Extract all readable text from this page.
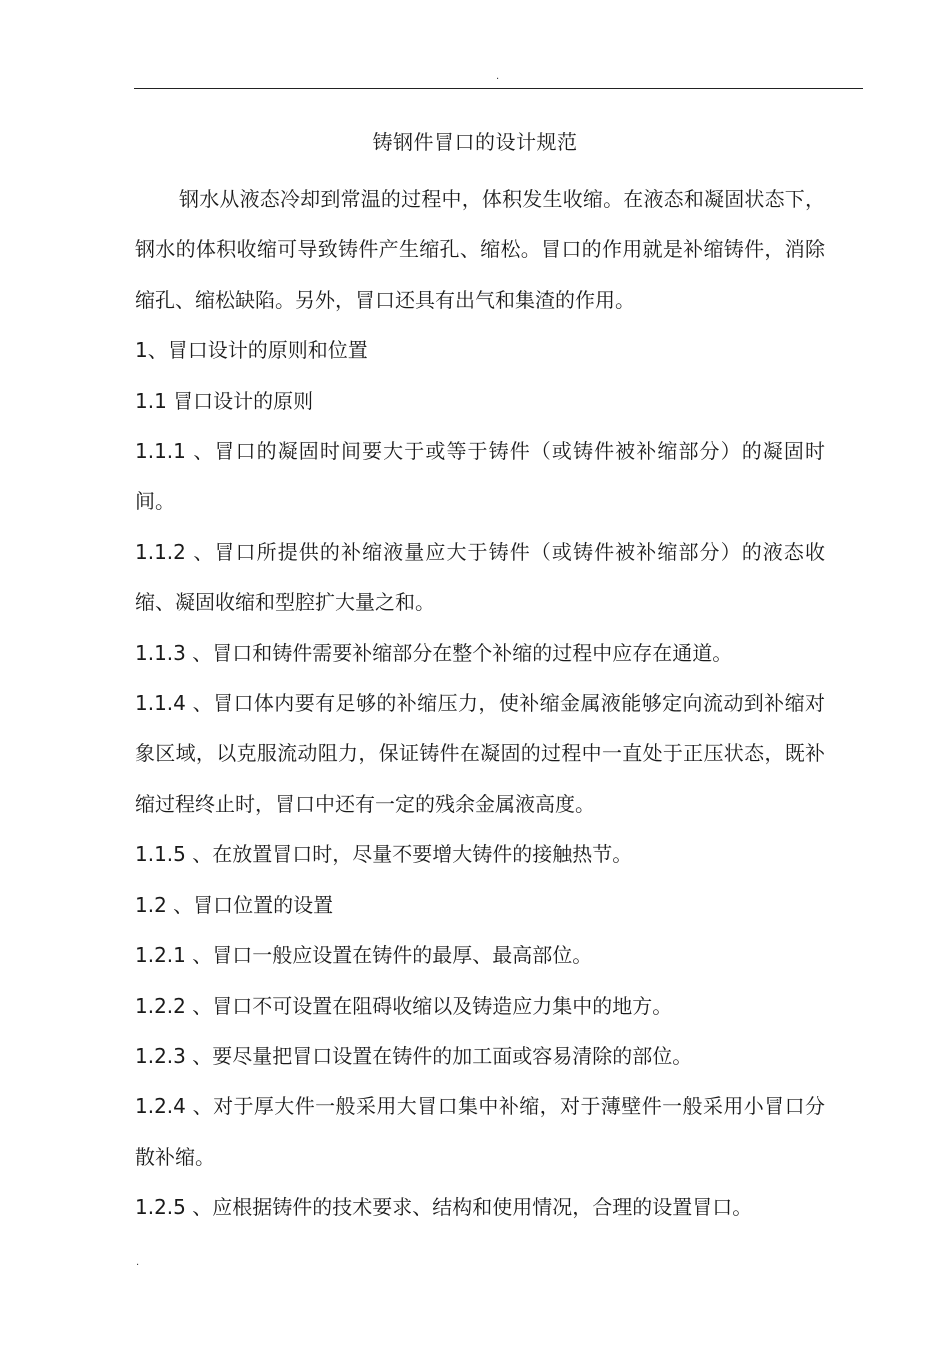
.
铸钢件冒口的设计规范

钢水从液态冷却到常温的过程中，体积发生收缩。在液态和凝固状态下，钢水的体积收缩可导致铸件产生缩孔、缩松。冒口的作用就是补缩铸件，消除缩孔、缩松缺陷。另外，冒口还具有出气和集渣的作用。

1、冒口设计的原则和位置

1.1 冒口设计的原则

1.1.1 、冒口的凝固时间要大于或等于铸件（或铸件被补缩部分）的凝固时间。

1.1.2 、冒口所提供的补缩液量应大于铸件（或铸件被补缩部分）的液态收缩、凝固收缩和型腔扩大量之和。

1.1.3 、冒口和铸件需要补缩部分在整个补缩的过程中应存在通道。

1.1.4 、冒口体内要有足够的补缩压力，使补缩金属液能够定向流动到补缩对象区域，以克服流动阻力，保证铸件在凝固的过程中一直处于正压状态，既补缩过程终止时，冒口中还有一定的残余金属液高度。

1.1.5 、在放置冒口时，尽量不要增大铸件的接触热节。

1.2 、冒口位置的设置

1.2.1 、冒口一般应设置在铸件的最厚、最高部位。

1.2.2 、冒口不可设置在阻碍收缩以及铸造应力集中的地方。

1.2.3 、要尽量把冒口设置在铸件的加工面或容易清除的部位。

1.2.4 、对于厚大件一般采用大冒口集中补缩，对于薄壁件一般采用小冒口分散补缩。

1.2.5 、应根据铸件的技术要求、结构和使用情况，合理的设置冒口。

.
